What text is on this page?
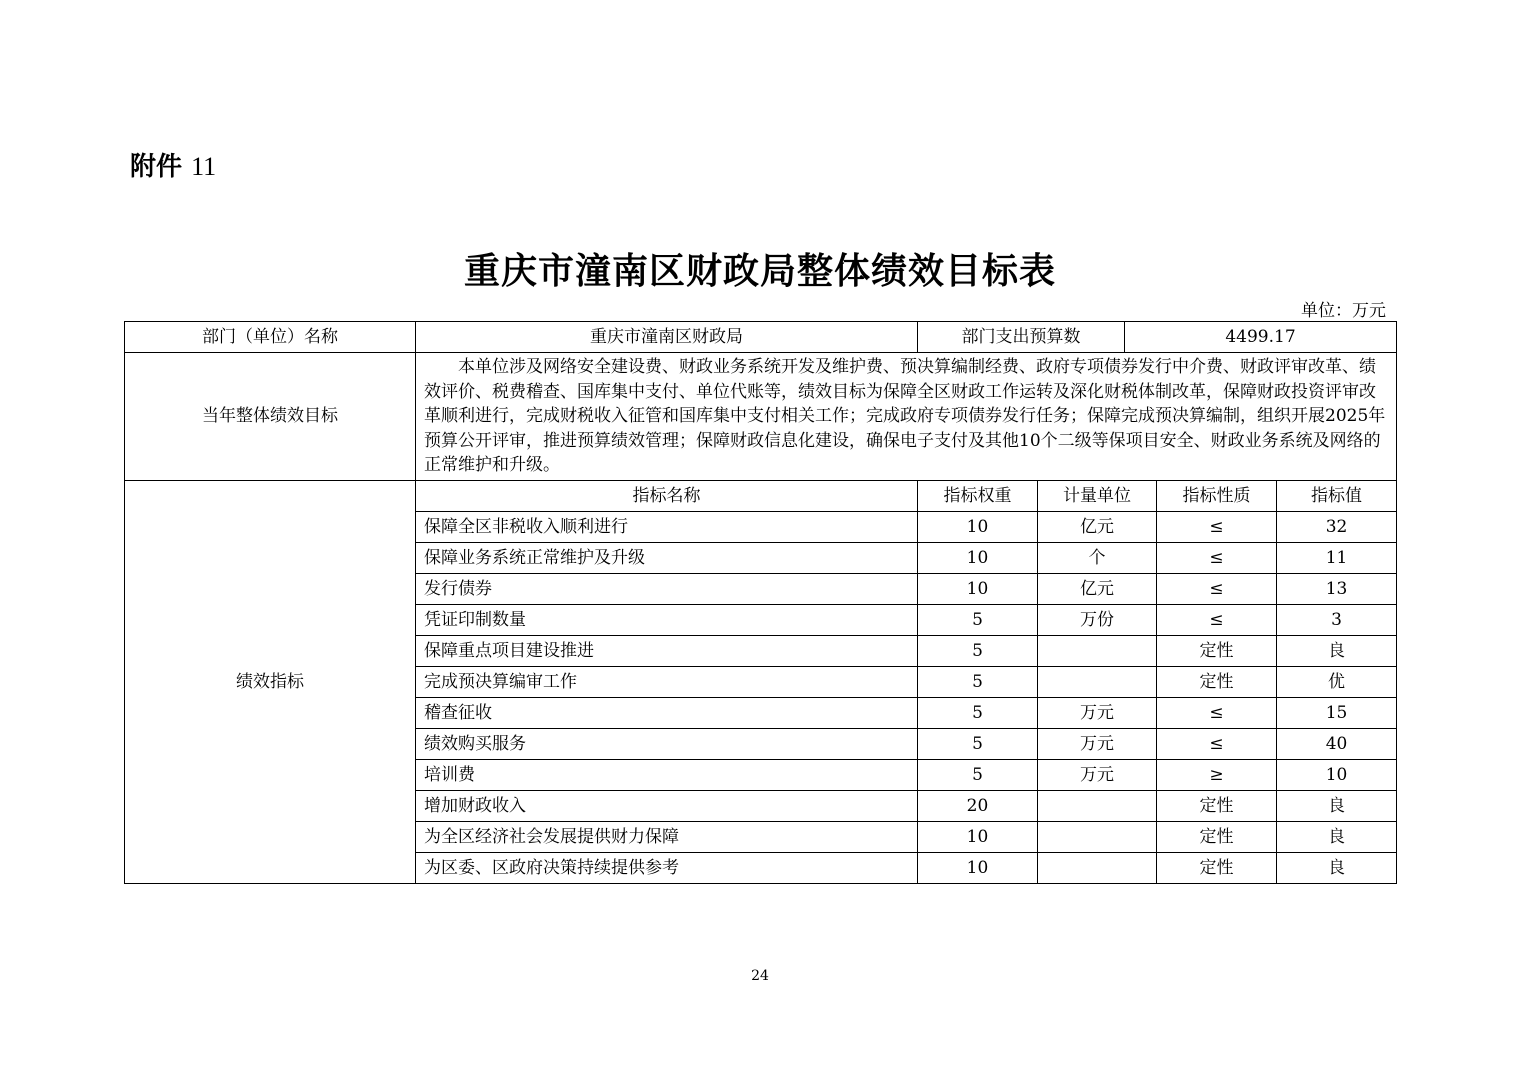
附件 11
重庆市潼南区财政局整体绩效目标表
单位：万元
部门（单位）名称	重庆市潼南区财政局	部门支出预算数		4499.17		
当年整体绩效目标	本单位涉及网络安全建设费、财政业务系统开发及维护费、预决算编制经费、政府专项债券发行中介费、财政评审改革、绩效评价、税费稽查、国库集中支付、单位代账等，绩效目标为保障全区财政工作运转及深化财税体制改革，保障财政投资评审改革顺利进行，完成财税收入征管和国库集中支付相关工作；完成政府专项债券发行任务；保障完成预决算编制，组织开展2025年预算公开评审，推进预算绩效管理；保障财政信息化建设，确保电子支付及其他10个二级等保项目安全、财政业务系统及网络的正常维护和升级。					
绩效指标	指标名称	指标权重	计量单位		指标性质	指标值
	保障全区非税收入顺利进行	10	亿元		≤	32
	保障业务系统正常维护及升级	10	个		≤	11
	发行债券	10	亿元		≤	13
	凭证印制数量	5	万份		≤	3
	保障重点项目建设推进	5			定性	良
	完成预决算编审工作	5			定性	优
	稽查征收	5	万元		≤	15
	绩效购买服务	5	万元		≤	40
	培训费	5	万元		≥	10
	增加财政收入	20			定性	良
	为全区经济社会发展提供财力保障	10			定性	良
	为区委、区政府决策持续提供参考	10			定性	良
24
